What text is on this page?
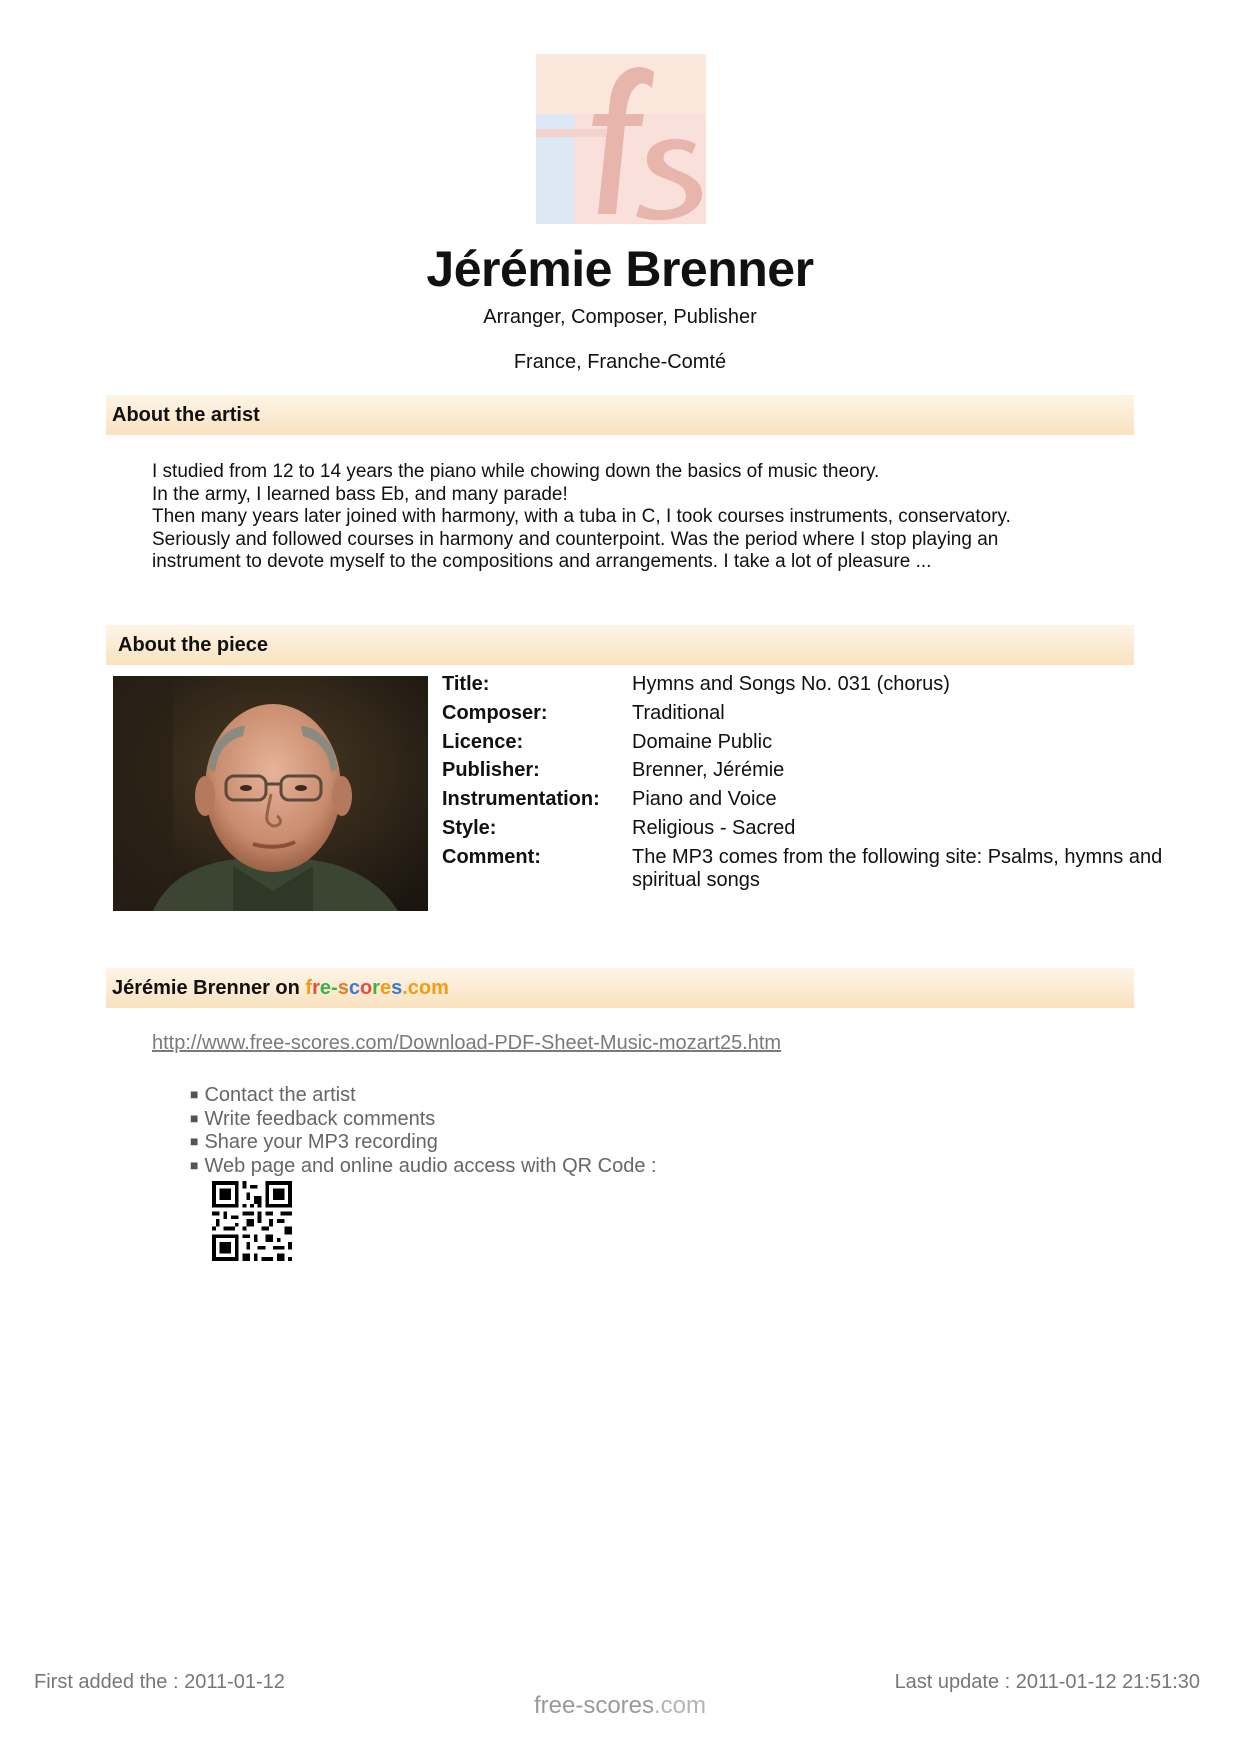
Jérémie Brenner
Arranger, Composer, Publisher
France, Franche-Comté
About the artist

I studied from 12 to 14 years the piano while chowing down the basics of music theory.

In the army, I learned bass Eb, and many parade!

Then many years later joined with harmony, with a tuba in C, I took courses instruments, conservatory. Seriously and followed courses in harmony and counterpoint. Was the period where I stop playing an instrument to devote myself to the compositions and arrangements. I take a lot of pleasure ...

About the piece
Title:	Hymns and Songs No. 031 (chorus)
Composer:	Traditional
Licence:	Domaine Public
Publisher:	Brenner, Jérémie
Instrumentation:	Piano and Voice
Style:	Religious - Sacred
Comment:	The MP3 comes from the following site: Psalms, hymns and spiritual songs
Jérémie Brenner on fre-scores.com
http://www.free-scores.com/Download-PDF-Sheet-Music-mozart25.htm
■ Contact the artist
■ Write feedback comments
■ Share your MP3 recording
■ Web page and online audio access with QR Code :
First added the : 2011-01-12	Last update : 2011-01-12 21:51:30
free-scores.com
